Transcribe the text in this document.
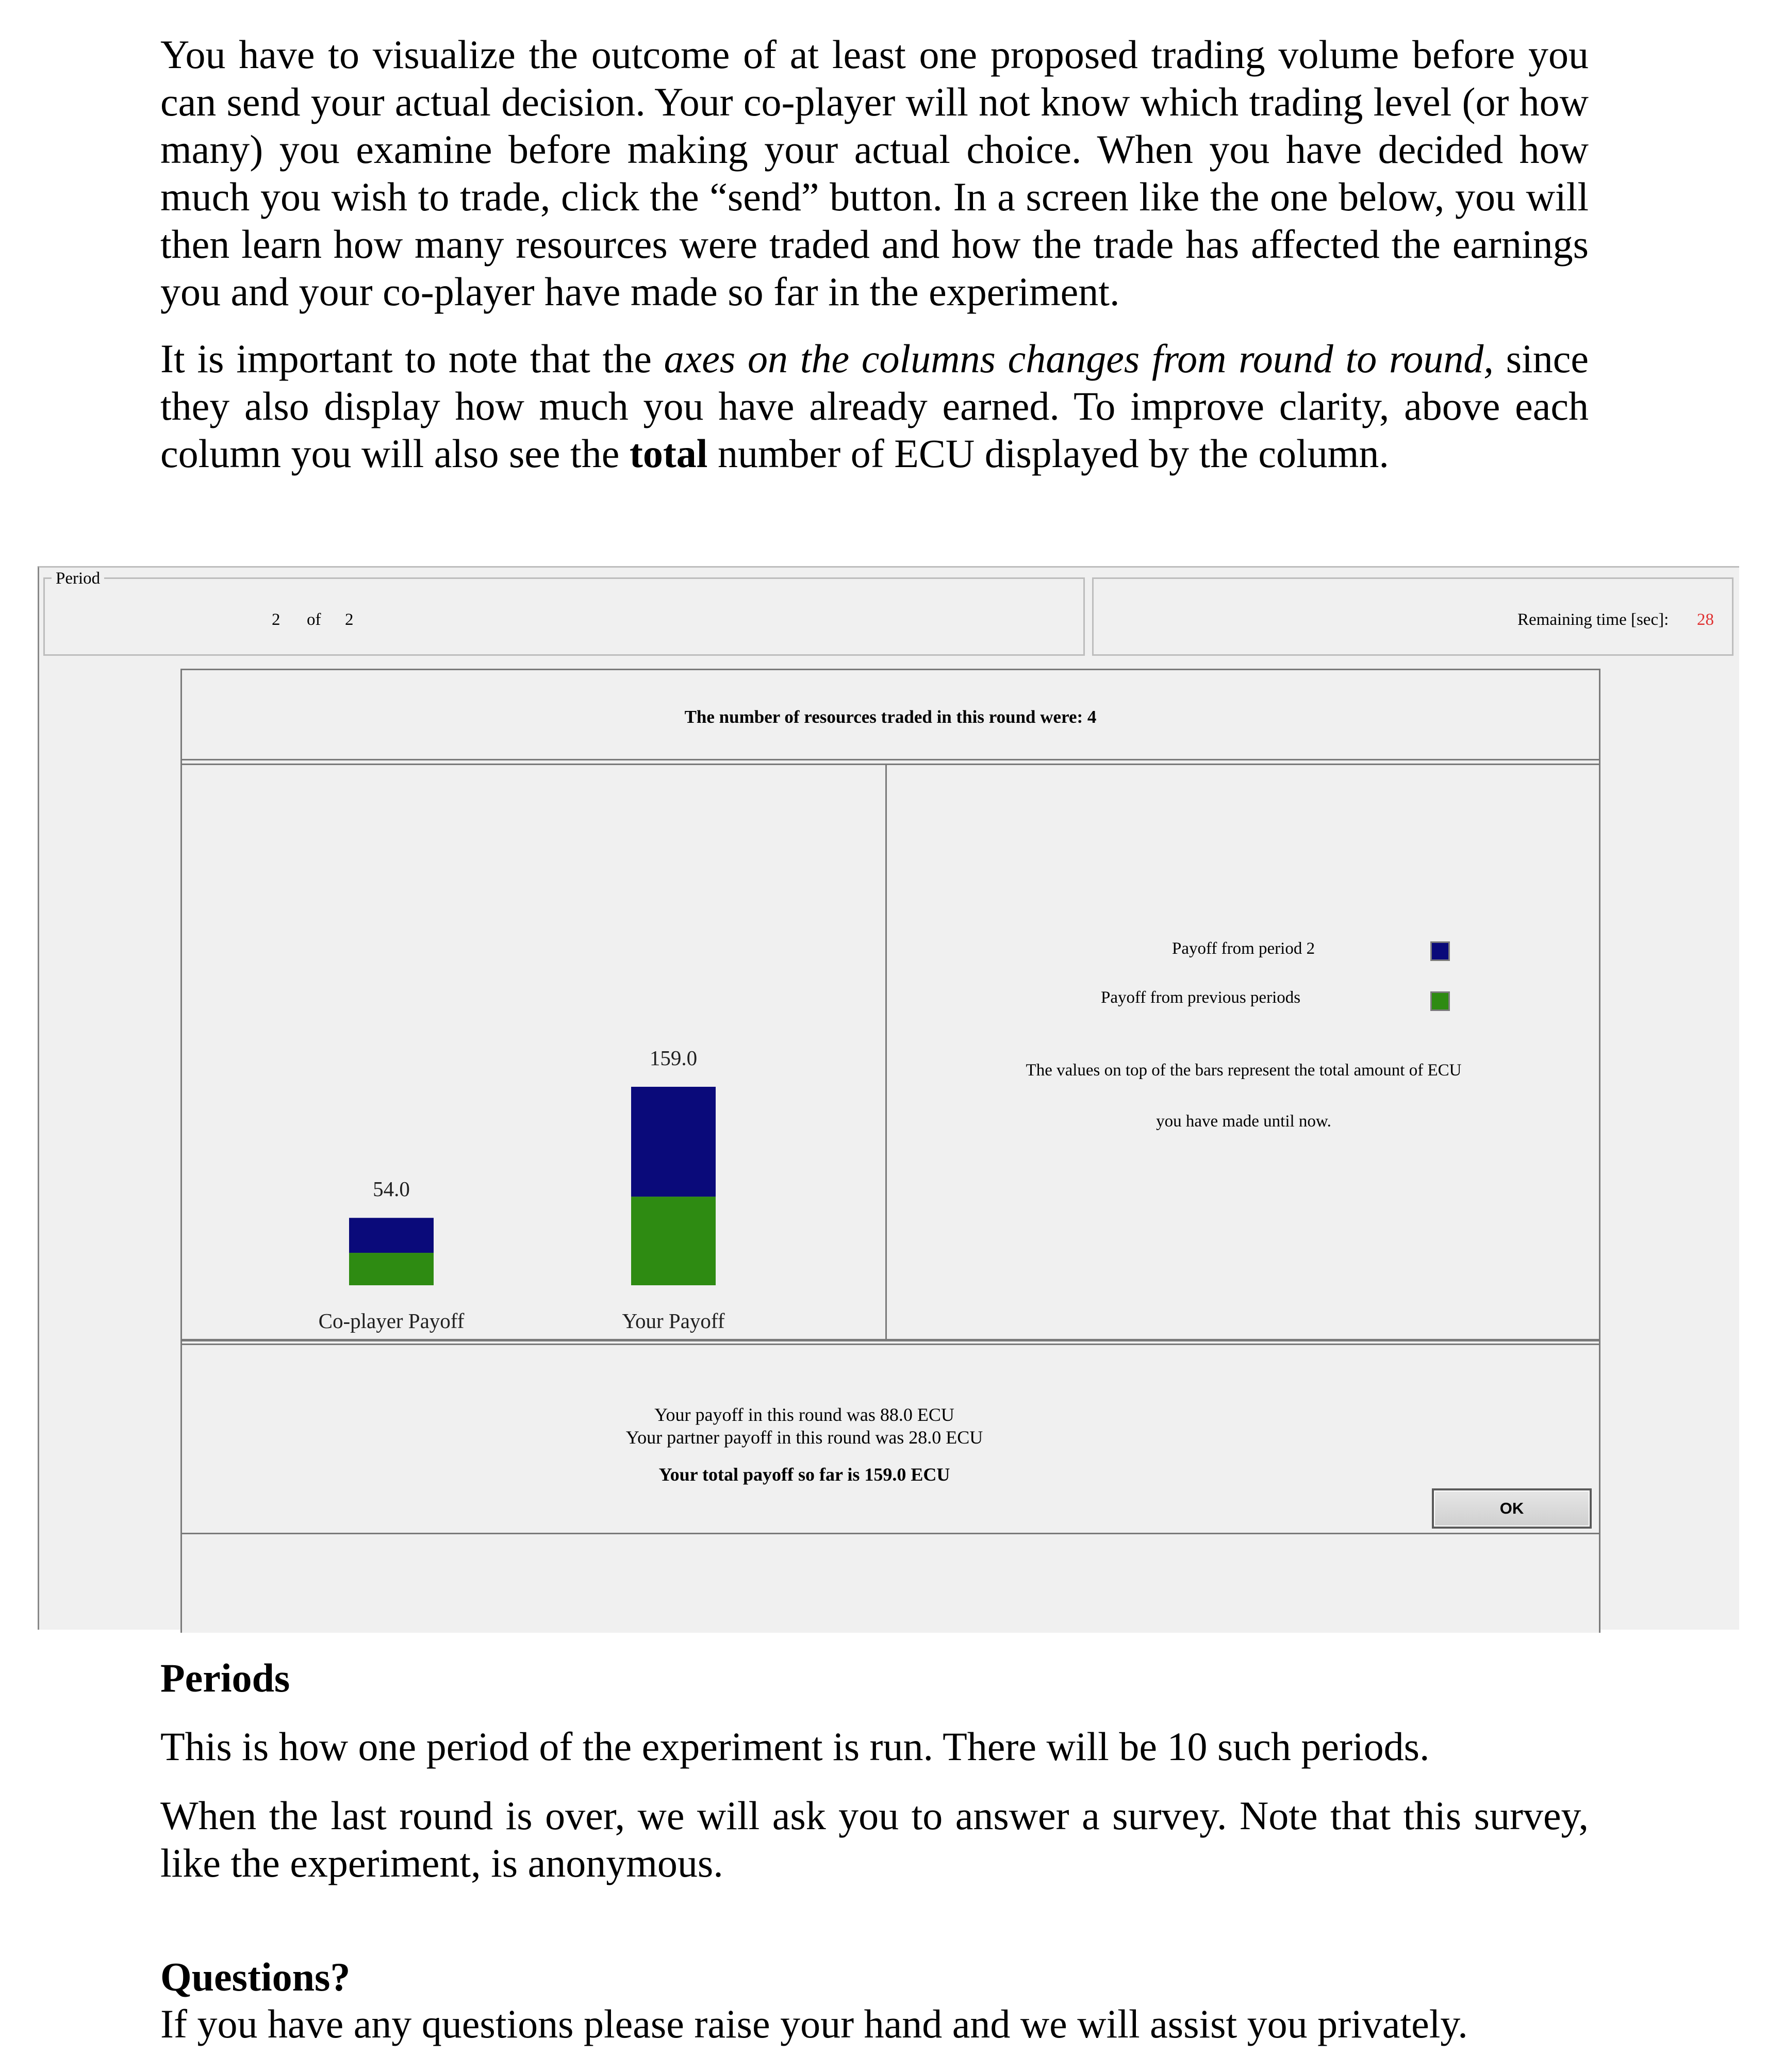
You have to visualize the outcome of at least one proposed trading volume before you can send your actual decision. Your co-player will not know which trading level (or how many) you examine before making your actual choice. When you have decided how much you wish to trade, click the “send” button. In a screen like the one below, you will then learn how many resources were traded and how the trade has affected the earnings you and your co-player have made so far in the experiment.

It is important to note that the axes on the columns changes from round to round, since they also display how much you have already earned. To improve clarity, above each column you will also see the total number of ECU displayed by the column.

Period
2 of 2	Remaining time [sec]: 28
The number of resources traded in this round were: 4
54.0
Co-player Payoff
159.0
Your Payoff
Payoff from period 2
Payoff from previous periods
The values on top of the bars represent the total amount of ECU
you have made until now.
Your payoff in this round was 88.0 ECU
Your partner payoff in this round was 28.0 ECU
Your total payoff so far is 159.0 ECU
OK
Periods

This is how one period of the experiment is run. There will be 10 such periods.

When the last round is over, we will ask you to answer a survey. Note that this survey, like the experiment, is anonymous.

Questions?

If you have any questions please raise your hand and we will assist you privately.
